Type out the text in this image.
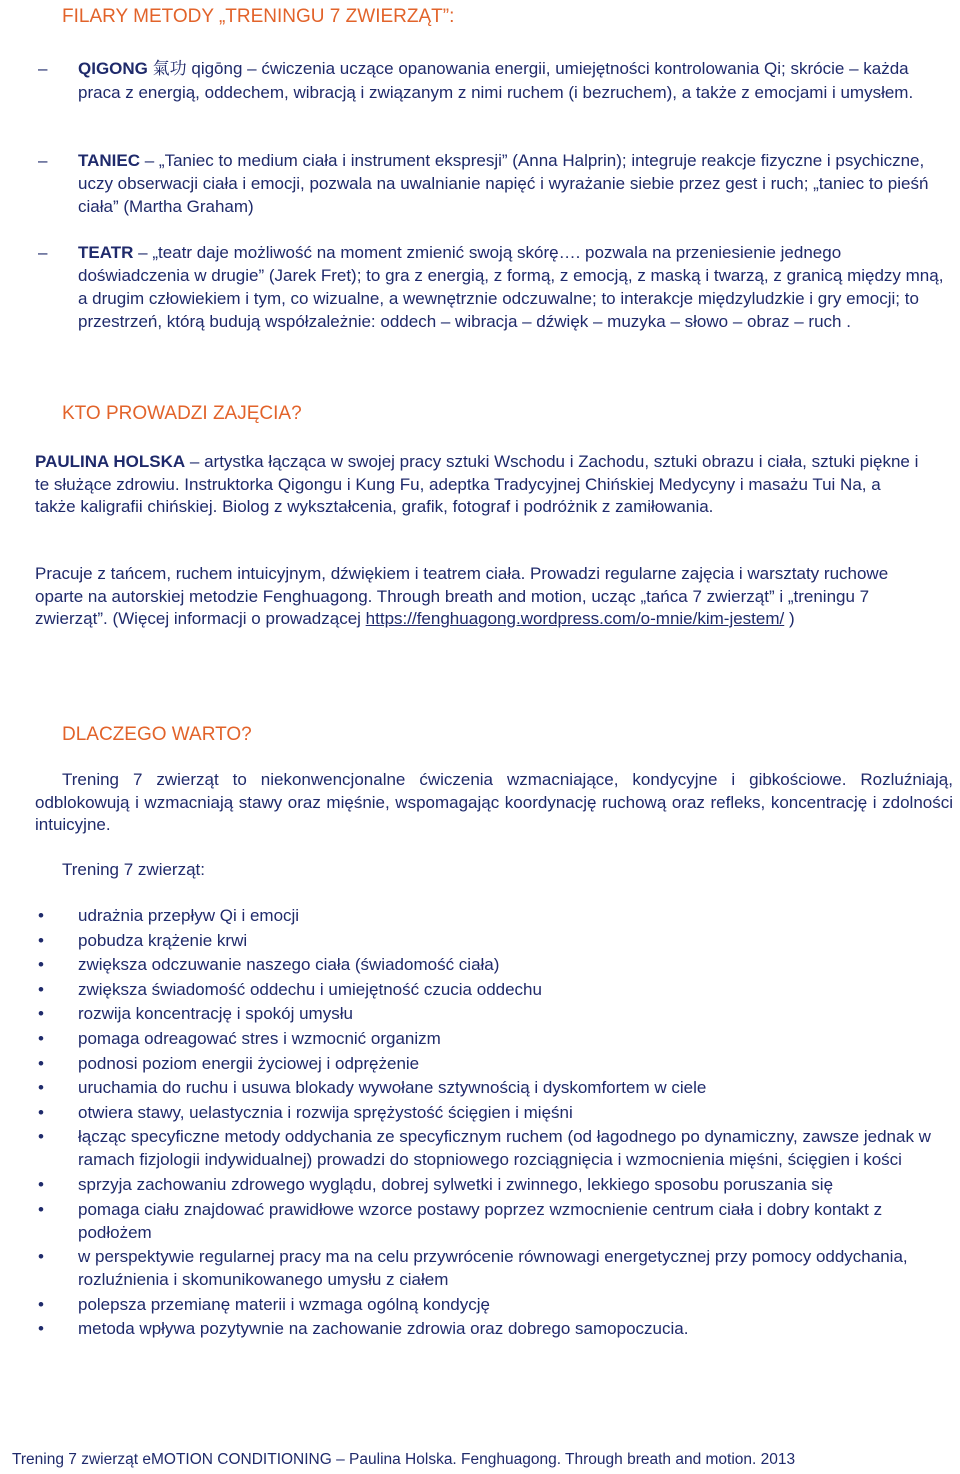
FILARY METODY „TRENINGU 7 ZWIERZĄT”:
–	QIGONG 氣功 qigōng – ćwiczenia uczące opanowania energii, umiejętności kontrolowania Qi; skrócie – każda praca z energią, oddechem, wibracją i związanym z nimi ruchem (i bezruchem), a także z emocjami i umysłem.
–	TANIEC – „Taniec to medium ciała i instrument ekspresji” (Anna Halprin); integruje reakcje fizyczne i psychiczne, uczy obserwacji ciała i emocji, pozwala na uwalnianie napięć i wyrażanie siebie przez gest i ruch; „taniec to pieśń ciała” (Martha Graham)
–	TEATR – „teatr daje możliwość na moment zmienić swoją skórę…. pozwala na przeniesienie jednego doświadczenia w drugie” (Jarek Fret); to gra z energią, z formą, z emocją, z maską i twarzą, z granicą między mną, a drugim człowiekiem i tym, co wizualne, a wewnętrznie odczuwalne; to interakcje międzyludzkie i gry emocji; to przestrzeń, którą budują współzależnie: oddech – wibracja – dźwięk – muzyka – słowo – obraz – ruch .
KTO PROWADZI ZAJĘCIA?
PAULINA HOLSKA – artystka łącząca w swojej pracy sztuki Wschodu i Zachodu, sztuki obrazu i ciała, sztuki piękne i te służące zdrowiu. Instruktorka Qigongu i Kung Fu, adeptka Tradycyjnej Chińskiej Medycyny i masażu Tui Na, a także kaligrafii chińskiej. Biolog z wykształcenia, grafik, fotograf i podróżnik z zamiłowania.
Pracuje z tańcem, ruchem intuicyjnym, dźwiękiem i teatrem ciała. Prowadzi regularne zajęcia i warsztaty ruchowe oparte na autorskiej metodzie Fenghuagong. Through breath and motion, ucząc „tańca 7 zwierząt” i „treningu 7 zwierząt”. (Więcej informacji o prowadzącej https://fenghuagong.wordpress.com/o-mnie/kim-jestem/ )
DLACZEGO WARTO?
Trening 7 zwierząt to niekonwencjonalne ćwiczenia wzmacniające, kondycyjne i gibkościowe. Rozluźniają, odblokowują i wzmacniają stawy oraz mięśnie, wspomagając koordynację ruchową oraz refleks, koncentrację i zdolności intuicyjne.
Trening 7 zwierząt:
• udrażnia przepływ Qi i emocji
• pobudza krążenie krwi
• zwiększa odczuwanie naszego ciała (świadomość ciała)
• zwiększa świadomość oddechu i umiejętność czucia oddechu
• rozwija koncentrację i spokój umysłu
• pomaga odreagować stres i wzmocnić organizm
• podnosi poziom energii życiowej i odprężenie
• uruchamia do ruchu i usuwa blokady wywołane sztywnością i dyskomfortem w ciele
• otwiera stawy, uelastycznia i rozwija sprężystość ścięgien i mięśni
• łącząc specyficzne metody oddychania ze specyficznym ruchem (od łagodnego po dynamiczny, zawsze jednak w ramach fizjologii indywidualnej) prowadzi do stopniowego rozciągnięcia i wzmocnienia mięśni, ścięgien i kości
• sprzyja zachowaniu zdrowego wyglądu, dobrej sylwetki i zwinnego, lekkiego sposobu poruszania się
• pomaga ciału znajdować prawidłowe wzorce postawy poprzez wzmocnienie centrum ciała i dobry kontakt z podłożem
• w perspektywie regularnej pracy ma na celu przywrócenie równowagi energetycznej przy pomocy oddychania, rozluźnienia i skomunikowanego umysłu z ciałem
• polepsza przemianę materii i wzmaga ogólną kondycję
• metoda wpływa pozytywnie na zachowanie zdrowia oraz dobrego samopoczucia.
Trening 7 zwierząt eMOTION CONDITIONING – Paulina Holska. Fenghuagong. Through breath and motion. 2013
